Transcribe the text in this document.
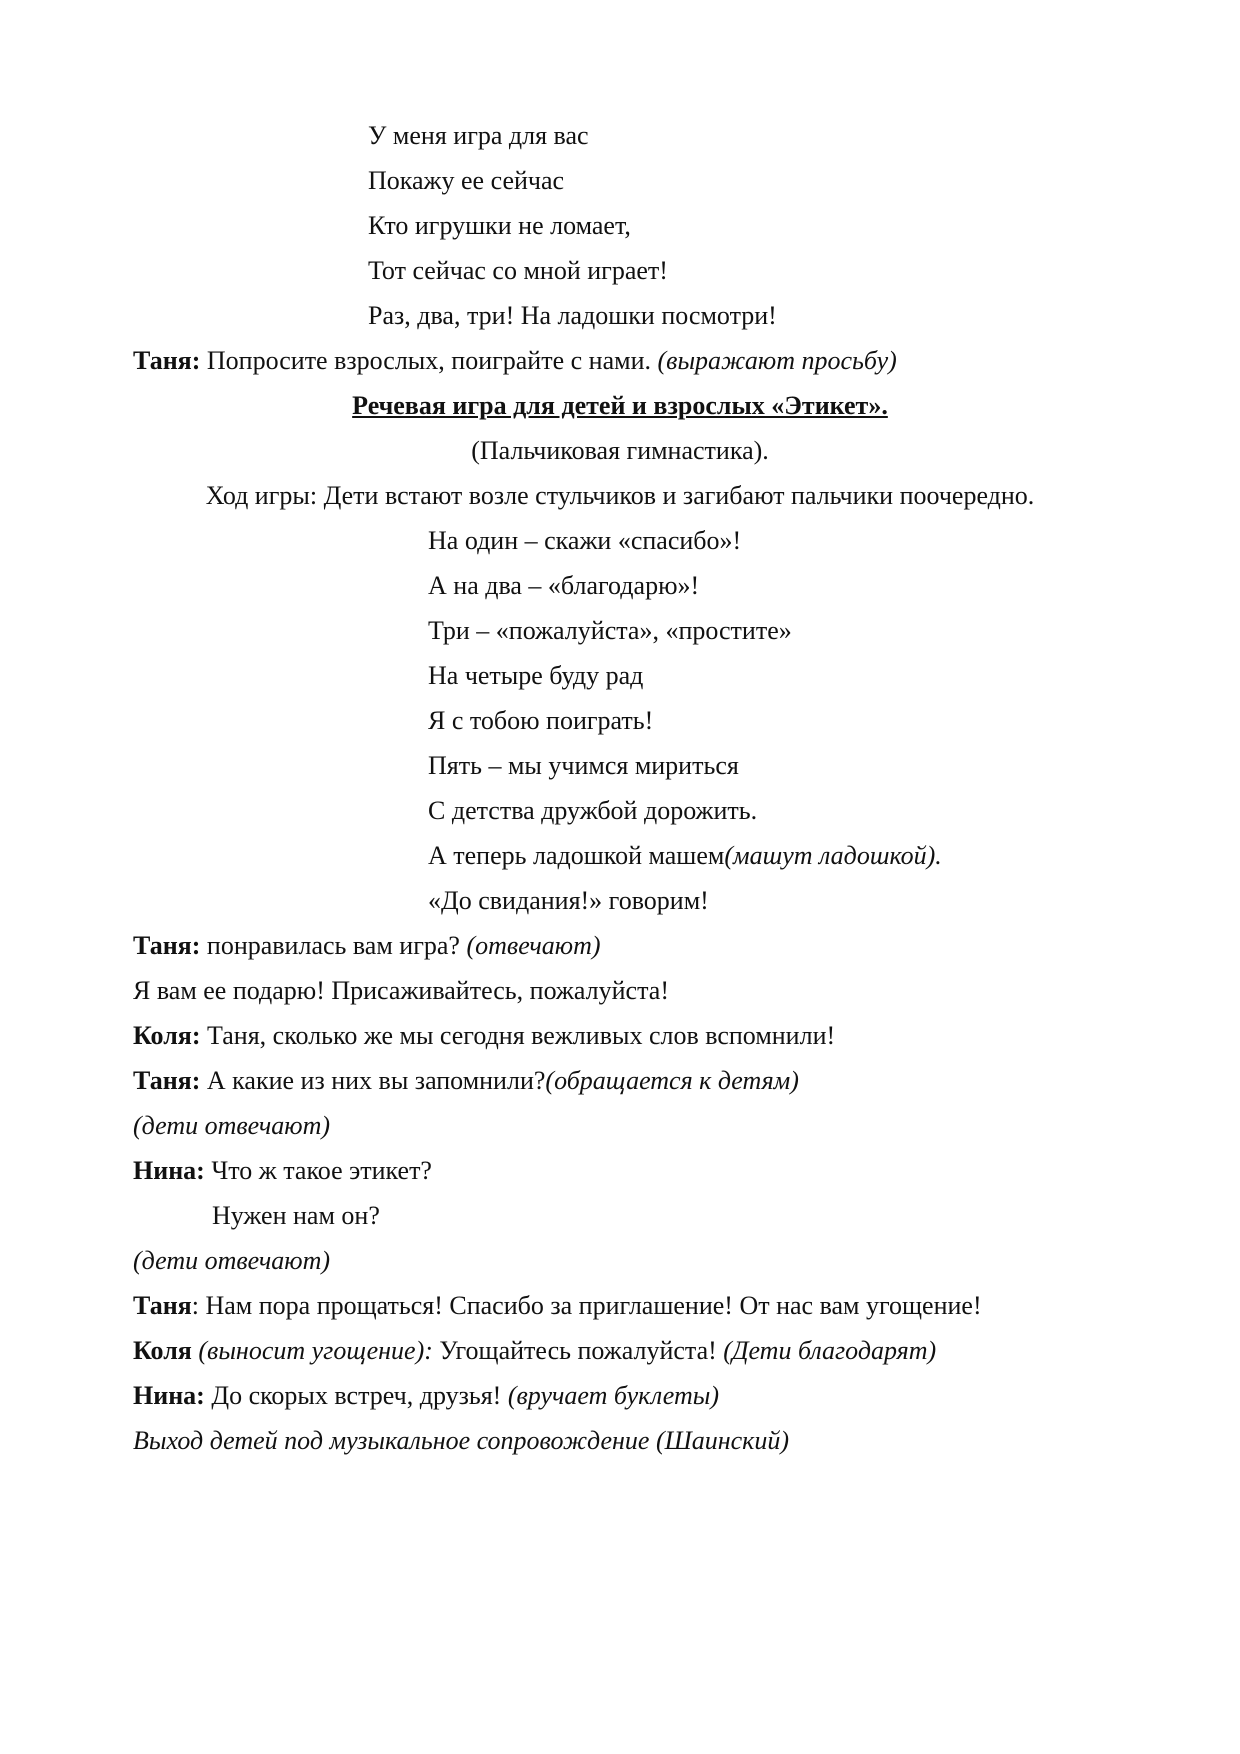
У меня игра для вас
Покажу ее сейчас
Кто игрушки не ломает,
Тот сейчас со мной играет!
Раз, два, три! На ладошки посмотри!
Таня: Попросите взрослых, поиграйте с нами. (выражают просьбу)
Речевая игра для детей и взрослых «Этикет».
(Пальчиковая гимнастика).
Ход игры: Дети встают возле стульчиков и загибают пальчики поочередно.
На один – скажи «спасибо»!
А на два – «благодарю»!
Три – «пожалуйста», «простите»
На четыре буду рад
Я с тобою поиграть!
Пять – мы учимся мириться
С детства дружбой дорожить.
А теперь ладошкой машем(машут ладошкой).
«До свидания!» говорим!
Таня: понравилась вам игра? (отвечают)
Я вам ее подарю! Присаживайтесь, пожалуйста!
Коля: Таня, сколько же мы сегодня вежливых слов вспомнили!
Таня: А какие из них вы запомнили?(обращается к детям)
(дети отвечают)
Нина: Что ж такое этикет?
Нужен нам он?
(дети отвечают)
Таня: Нам пора прощаться! Спасибо за приглашение! От нас вам угощение!
Коля (выносит угощение): Угощайтесь пожалуйста! (Дети благодарят)
Нина: До скорых встреч, друзья! (вручает буклеты)
Выход детей под музыкальное сопровождение (Шаинский)
